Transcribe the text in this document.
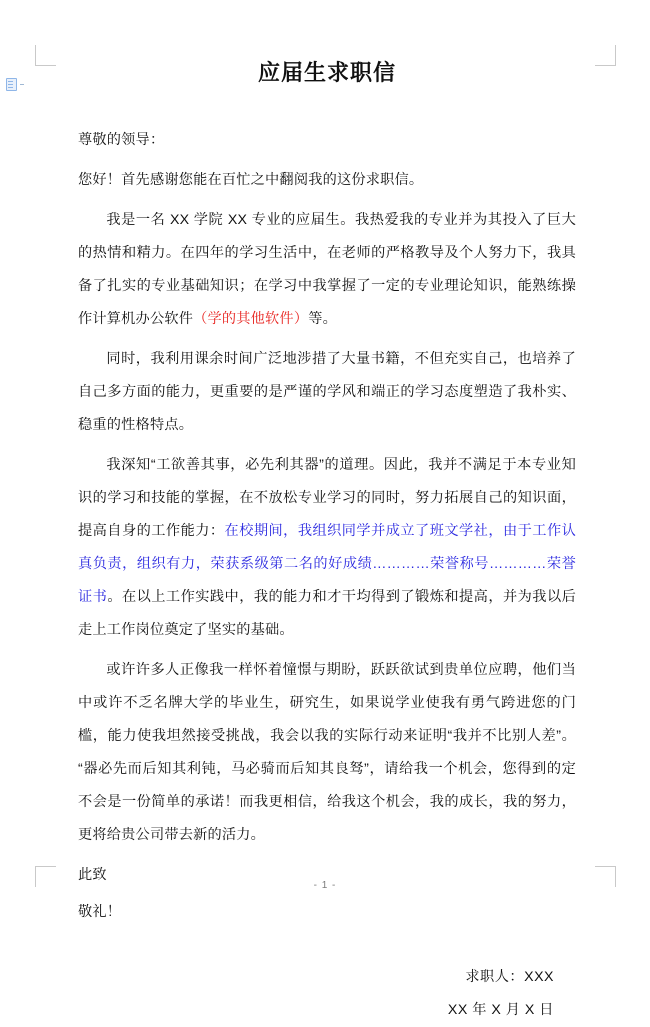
应届生求职信

尊敬的领导：

您好！首先感谢您能在百忙之中翻阅我的这份求职信。

我是一名 XX 学院 XX 专业的应届生。我热爱我的专业并为其投入了巨大的热情和精力。在四年的学习生活中，在老师的严格教导及个人努力下，我具备了扎实的专业基础知识；在学习中我掌握了一定的专业理论知识，能熟练操作计算机办公软件（学的其他软件）等。

同时，我利用课余时间广泛地涉措了大量书籍，不但充实自己，也培养了自己多方面的能力，更重要的是严谨的学风和端正的学习态度塑造了我朴实、稳重的性格特点。

我深知“工欲善其事，必先利其器”的道理。因此，我并不满足于本专业知识的学习和技能的掌握，在不放松专业学习的同时，努力拓展自己的知识面，提高自身的工作能力：在校期间，我组织同学并成立了班文学社，由于工作认真负责，组织有力，荣获系级第二名的好成绩…………荣誉称号…………荣誉证书。在以上工作实践中，我的能力和才干均得到了锻炼和提高，并为我以后走上工作岗位奠定了坚实的基础。

或许许多人正像我一样怀着憧憬与期盼，跃跃欲试到贵单位应聘，他们当中或许不乏名牌大学的毕业生，研究生，如果说学业使我有勇气跨进您的门槛，能力使我坦然接受挑战，我会以我的实际行动来证明“我并不比别人差”。“器必先而后知其利钝，马必骑而后知其良驽”，请给我一个机会，您得到的定不会是一份简单的承诺！而我更相信，给我这个机会，我的成长，我的努力，更将给贵公司带去新的活力。

此致

敬礼！

求职人：XXX

XX 年 X 月 X 日

- 1 -
